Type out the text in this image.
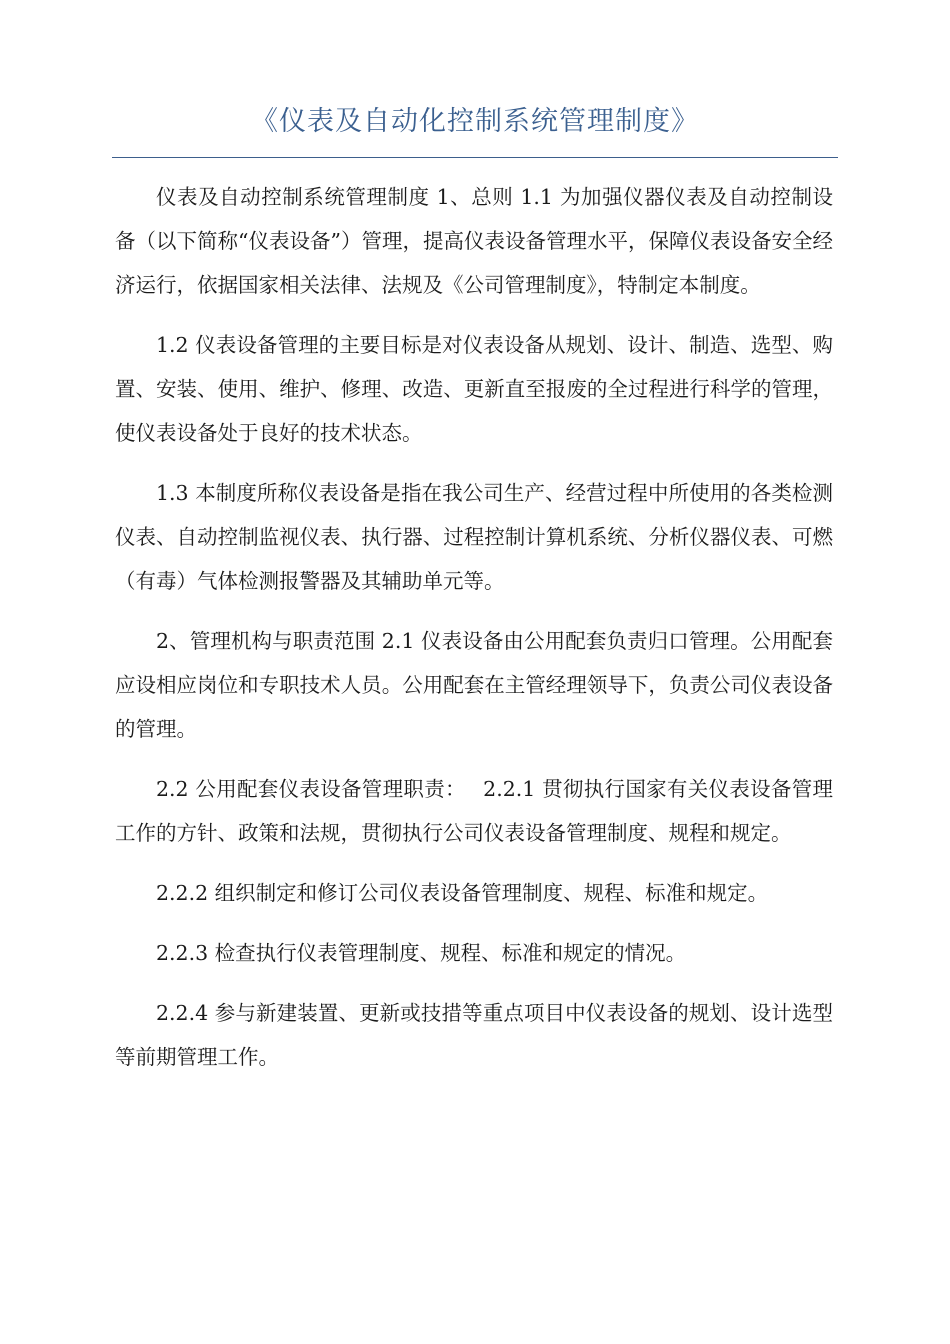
《仪表及自动化控制系统管理制度》

仪表及自动控制系统管理制度 1、总则 1.1 为加强仪器仪表及自动控制设备（以下简称“仪表设备”）管理，提高仪表设备管理水平，保障仪表设备安全经济运行，依据国家相关法律、法规及《公司管理制度》，特制定本制度。

1.2 仪表设备管理的主要目标是对仪表设备从规划、设计、制造、选型、购置、安装、使用、维护、修理、改造、更新直至报废的全过程进行科学的管理，使仪表设备处于良好的技术状态。

1.3 本制度所称仪表设备是指在我公司生产、经营过程中所使用的各类检测仪表、自动控制监视仪表、执行器、过程控制计算机系统、分析仪器仪表、可燃（有毒）气体检测报警器及其辅助单元等。

2、管理机构与职责范围 2.1 仪表设备由公用配套负责归口管理。公用配套应设相应岗位和专职技术人员。公用配套在主管经理领导下，负责公司仪表设备的管理。

2.2 公用配套仪表设备管理职责：　 2.2.1 贯彻执行国家有关仪表设备管理工作的方针、政策和法规，贯彻执行公司仪表设备管理制度、规程和规定。

2.2.2 组织制定和修订公司仪表设备管理制度、规程、标准和规定。

2.2.3 检查执行仪表管理制度、规程、标准和规定的情况。

2.2.4 参与新建装置、更新或技措等重点项目中仪表设备的规划、设计选型等前期管理工作。
